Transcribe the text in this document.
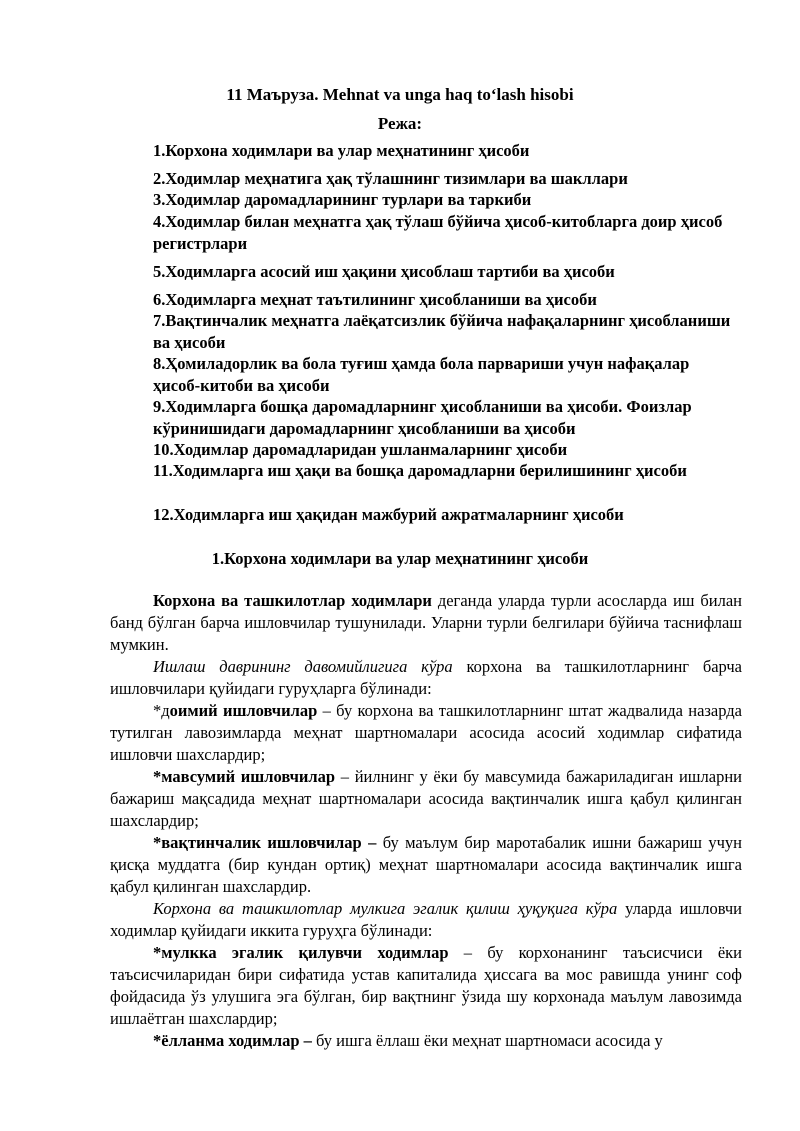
11 Маъруза. Mehnat va unga haq to‘lash hisobi
Режа:
1.Корхона ходимлари ва улар меҳнатининг ҳисоби
2.Ходимлар меҳнатига ҳақ тўлашнинг тизимлари ва шакллари
3.Ходимлар даромадларининг турлари ва таркиби
4.Ходимлар билан меҳнатга ҳақ тўлаш бўйича ҳисоб-китобларга доир ҳисоб регистрлари
5.Ходимларга асосий иш ҳақини ҳисоблаш тартиби ва ҳисоби
6.Ходимларга меҳнат таътилининг ҳисобланиши ва ҳисоби
7.Вақтинчалик меҳнатга лаёқатсизлик бўйича нафақаларнинг ҳисобланиши ва ҳисоби
8.Ҳомиладорлик ва бола туғиш ҳамда бола парвариши учун нафақалар ҳисоб-китоби ва ҳисоби
9.Ходимларга бошқа даромадларнинг ҳисобланиши ва ҳисоби. Фоизлар кўринишидаги даромадларнинг ҳисобланиши ва ҳисоби
10.Ходимлар даромадларидан ушланмаларнинг ҳисоби
11.Ходимларга иш ҳақи ва бошқа даромадларни берилишининг ҳисоби
12.Ходимларга иш ҳақидан мажбурий ажратмаларнинг ҳисоби
1.Корхона ходимлари ва улар меҳнатининг ҳисоби

Корхона ва ташкилотлар ходимлари деганда уларда турли асосларда иш билан банд бўлган барча ишловчилар тушунилади. Уларни турли белгилари бўйича таснифлаш мумкин.

Ишлаш даврининг давомийлигига кўра корхона ва ташкилотларнинг барча ишловчилари қуйидаги гуруҳларга бўлинади:

*доимий ишловчилар – бу корхона ва ташкилотларнинг штат жадвалида назарда тутилган лавозимларда меҳнат шартномалари асосида асосий ходимлар сифатида ишловчи шахслардир;

*мавсумий ишловчилар – йилнинг у ёки бу мавсумида бажариладиган ишларни бажариш мақсадида меҳнат шартномалари асосида вақтинчалик ишга қабул қилинган шахслардир;

*вақтинчалик ишловчилар – бу маълум бир маротабалик ишни бажариш учун қисқа муддатга (бир кундан ортиқ) меҳнат шартномалари асосида вақтинчалик ишга қабул қилинган шахслардир.

Корхона ва ташкилотлар мулкига эгалик қилиш ҳуқуқига кўра уларда ишловчи ходимлар қуйидаги иккита гуруҳга бўлинади:

*мулкка эгалик қилувчи ходимлар – бу корхонанинг таъсисчиси ёки таъсисчиларидан бири сифатида устав капиталида ҳиссага ва мос равишда унинг соф фойдасида ўз улушига эга бўлган, бир вақтнинг ўзида шу корхонада маълум лавозимда ишлаётган шахслардир;

*ёлланма ходимлар – бу ишга ёллаш ёки меҳнат шартномаси асосида у
